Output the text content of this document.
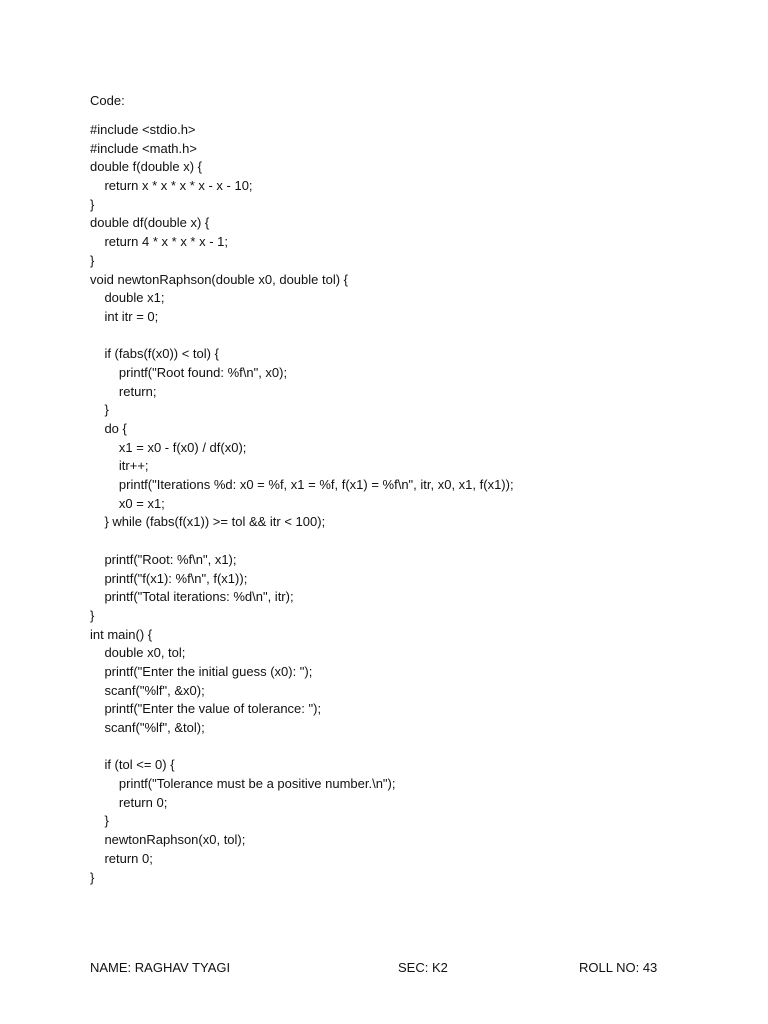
Code:
#include <stdio.h>
#include <math.h>
double f(double x) {
return x * x * x * x - x - 10;
}
double df(double x) {
return 4 * x * x * x - 1;
}
void newtonRaphson(double x0, double tol) {
double x1;
int itr = 0;
if (fabs(f(x0)) < tol) {
printf("Root found: %f\n", x0);
return;
}
do {
x1 = x0 - f(x0) / df(x0);
itr++;
printf("Iterations %d: x0 = %f, x1 = %f, f(x1) = %f\n", itr, x0, x1, f(x1));
x0 = x1;
} while (fabs(f(x1)) >= tol && itr < 100);
printf("Root: %f\n", x1);
printf("f(x1): %f\n", f(x1));
printf("Total iterations: %d\n", itr);
}
int main() {
double x0, tol;
printf("Enter the initial guess (x0): ");
scanf("%lf", &x0);
printf("Enter the value of tolerance: ");
scanf("%lf", &tol);
if (tol <= 0) {
printf("Tolerance must be a positive number.\n");
return 0;
}
newtonRaphson(x0, tol);
return 0;
}
NAME: RAGHAV TYAGI	SEC: K2	ROLL NO: 43
